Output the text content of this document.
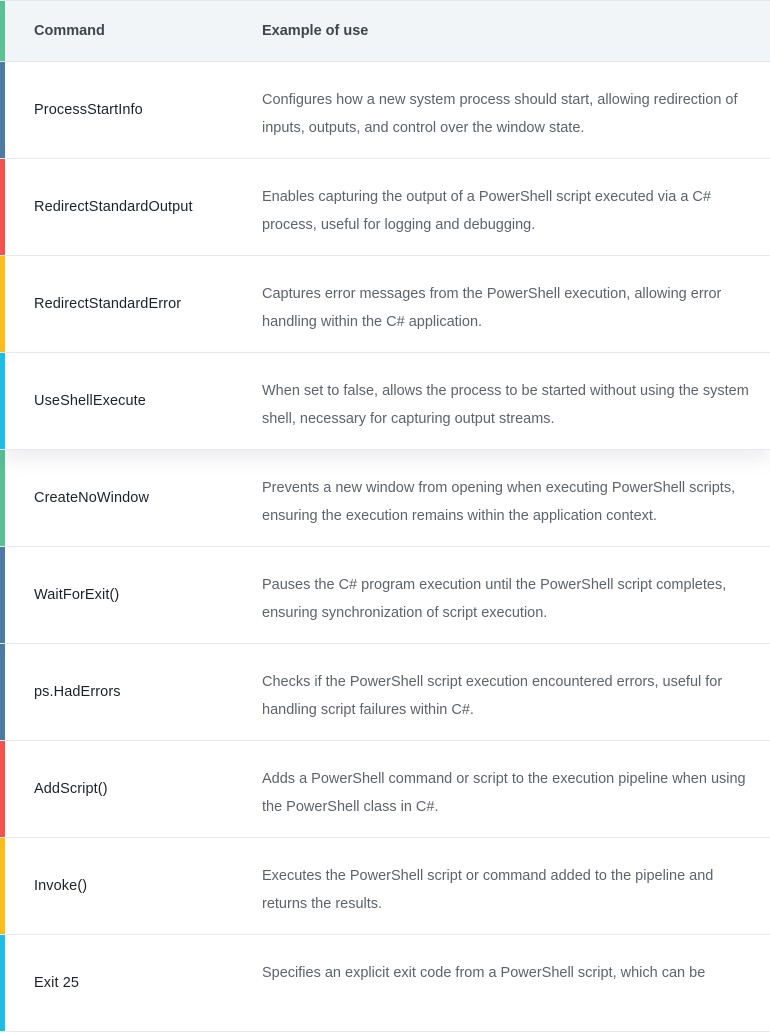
Command	Example of use
ProcessStartInfo
Configures how a new system process should start, allowing redirection of inputs, outputs, and control over the window state.
RedirectStandardOutput
Enables capturing the output of a PowerShell script executed via a C# process, useful for logging and debugging.
RedirectStandardError
Captures error messages from the PowerShell execution, allowing error handling within the C# application.
UseShellExecute
When set to false, allows the process to be started without using the system shell, necessary for capturing output streams.
CreateNoWindow
Prevents a new window from opening when executing PowerShell scripts, ensuring the execution remains within the application context.
WaitForExit()
Pauses the C# program execution until the PowerShell script completes, ensuring synchronization of script execution.
ps.HadErrors
Checks if the PowerShell script execution encountered errors, useful for handling script failures within C#.
AddScript()
Adds a PowerShell command or script to the execution pipeline when using the PowerShell class in C#.
Invoke()
Executes the PowerShell script or command added to the pipeline and returns the results.
Exit 25
Specifies an explicit exit code from a PowerShell script, which can be
